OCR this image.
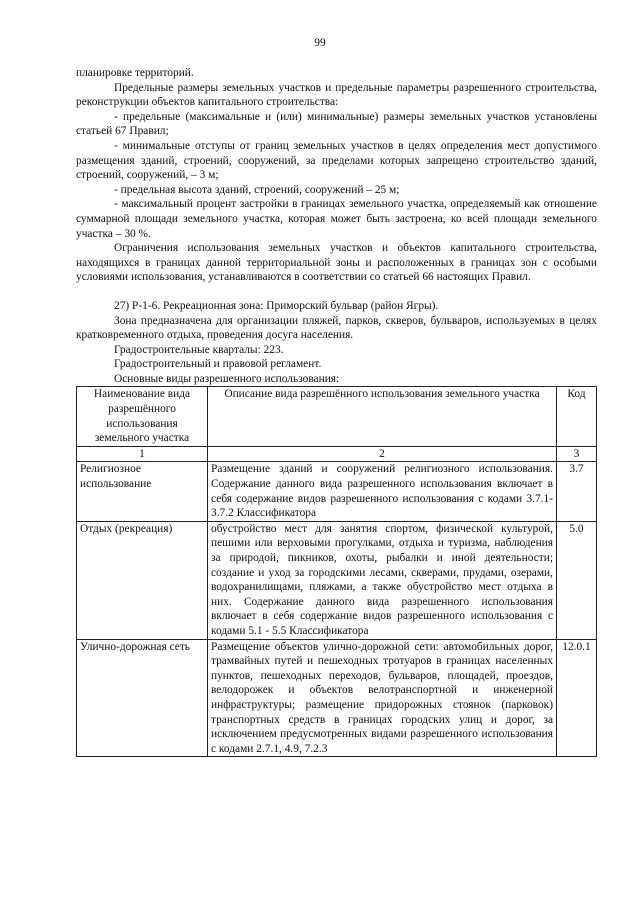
99

планировке территорий.

Предельные размеры земельных участков и предельные параметры разрешенного строительства, реконструкции объектов капитального строительства:

- предельные (максимальные и (или) минимальные) размеры земельных участков установлены статьей 67 Правил;

- минимальные отступы от границ земельных участков в целях определения мест допустимого размещения зданий, строений, сооружений, за пределами которых запрещено строительство зданий, строений, сооружений, – 3 м;

- предельная высота зданий, строений, сооружений – 25 м;

- максимальный процент застройки в границах земельного участка, определяемый как отношение суммарной площади земельного участка, которая может быть застроена, ко всей площади земельного участка – 30 %.

Ограничения использования земельных участков и объектов капитального строительства, находящихся в границах данной территориальной зоны и расположенных в границах зон с особыми условиями использования, устанавливаются в соответствии со статьей 66 настоящих Правил.

27) Р-1-6. Рекреационная зона: Приморский бульвар (район Ягры).

Зона предназначена для организации пляжей, парков, скверов, бульваров, используемых в целях кратковременного отдыха, проведения досуга населения.

Градостроительные кварталы: 223.

Градостроительный и правовой регламент.

Основные виды разрешенного использования:

Наименование вида разрешённого использования земельного участка	Описание вида разрешённого использования земельного участка	Код
1	2	3
Религиозное использование	Размещение зданий и сооружений религиозного использования. Содержание данного вида разрешенного использования включает в себя содержание видов разрешенного использования с кодами 3.7.1-3.7.2 Классификатора	3.7
Отдых (рекреация)	обустройство мест для занятия спортом, физической культурой, пешими или верховыми прогулками, отдыха и туризма, наблюдения за природой, пикников, охоты, рыбалки и иной деятельности; создание и уход за городскими лесами, скверами, прудами, озерами, водохранилищами, пляжами, а также обустройство мест отдыха в них. Содержание данного вида разрешенного использования включает в себя содержание видов разрешенного использования с кодами 5.1 - 5.5 Классификатора	5.0
Улично-дорожная сеть	Размещение объектов улично-дорожной сети: автомобильных дорог, трамвайных путей и пешеходных тротуаров в границах населенных пунктов, пешеходных переходов, бульваров, площадей, проездов, велодорожек и объектов велотранспортной и инженерной инфраструктуры; размещение придорожных стоянок (парковок) транспортных средств в границах городских улиц и дорог, за исключением предусмотренных видами разрешенного использования с кодами 2.7.1, 4.9, 7.2.3	12.0.1
